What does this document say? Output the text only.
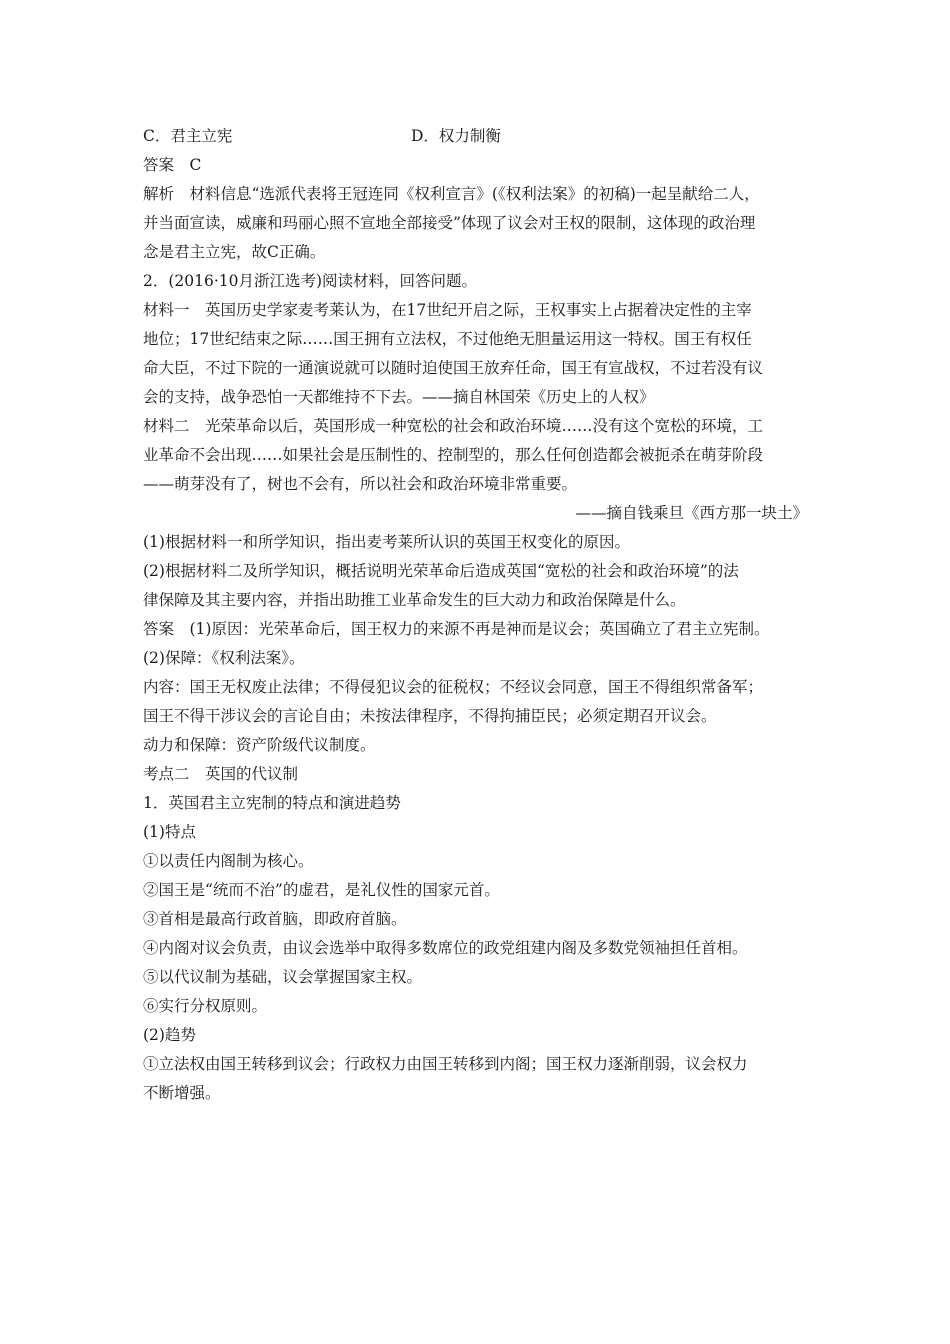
C．君主立宪	D．权力制衡
答案　C
解析　材料信息“选派代表将王冠连同《权利宣言》(《权利法案》的初稿)一起呈献给二人，
并当面宣读，威廉和玛丽心照不宣地全部接受”体现了议会对王权的限制，这体现的政治理
念是君主立宪，故C正确。
2．(2016·10月浙江选考)阅读材料，回答问题。
材料一　英国历史学家麦考莱认为，在17世纪开启之际，王权事实上占据着决定性的主宰
地位；17世纪结束之际……国王拥有立法权，不过他绝无胆量运用这一特权。国王有权任
命大臣，不过下院的一通演说就可以随时迫使国王放弃任命，国王有宣战权，不过若没有议
会的支持，战争恐怕一天都维持不下去。——摘自林国荣《历史上的人权》
材料二　光荣革命以后，英国形成一种宽松的社会和政治环境……没有这个宽松的环境，工
业革命不会出现……如果社会是压制性的、控制型的，那么任何创造都会被扼杀在萌芽阶段
——萌芽没有了，树也不会有，所以社会和政治环境非常重要。
——摘自钱乘旦《西方那一块土》
(1)根据材料一和所学知识，指出麦考莱所认识的英国王权变化的原因。
(2)根据材料二及所学知识，概括说明光荣革命后造成英国“宽松的社会和政治环境”的法
律保障及其主要内容，并指出助推工业革命发生的巨大动力和政治保障是什么。
答案　(1)原因：光荣革命后，国王权力的来源不再是神而是议会；英国确立了君主立宪制。
(2)保障：《权利法案》。
内容：国王无权废止法律；不得侵犯议会的征税权；不经议会同意，国王不得组织常备军；
国王不得干涉议会的言论自由；未按法律程序，不得拘捕臣民；必须定期召开议会。
动力和保障：资产阶级代议制度。
考点二　英国的代议制
1．英国君主立宪制的特点和演进趋势
(1)特点
①以责任内阁制为核心。
②国王是“统而不治”的虚君，是礼仪性的国家元首。
③首相是最高行政首脑，即政府首脑。
④内阁对议会负责，由议会选举中取得多数席位的政党组建内阁及多数党领袖担任首相。
⑤以代议制为基础，议会掌握国家主权。
⑥实行分权原则。
(2)趋势
①立法权由国王转移到议会；行政权力由国王转移到内阁；国王权力逐渐削弱，议会权力
不断增强。
